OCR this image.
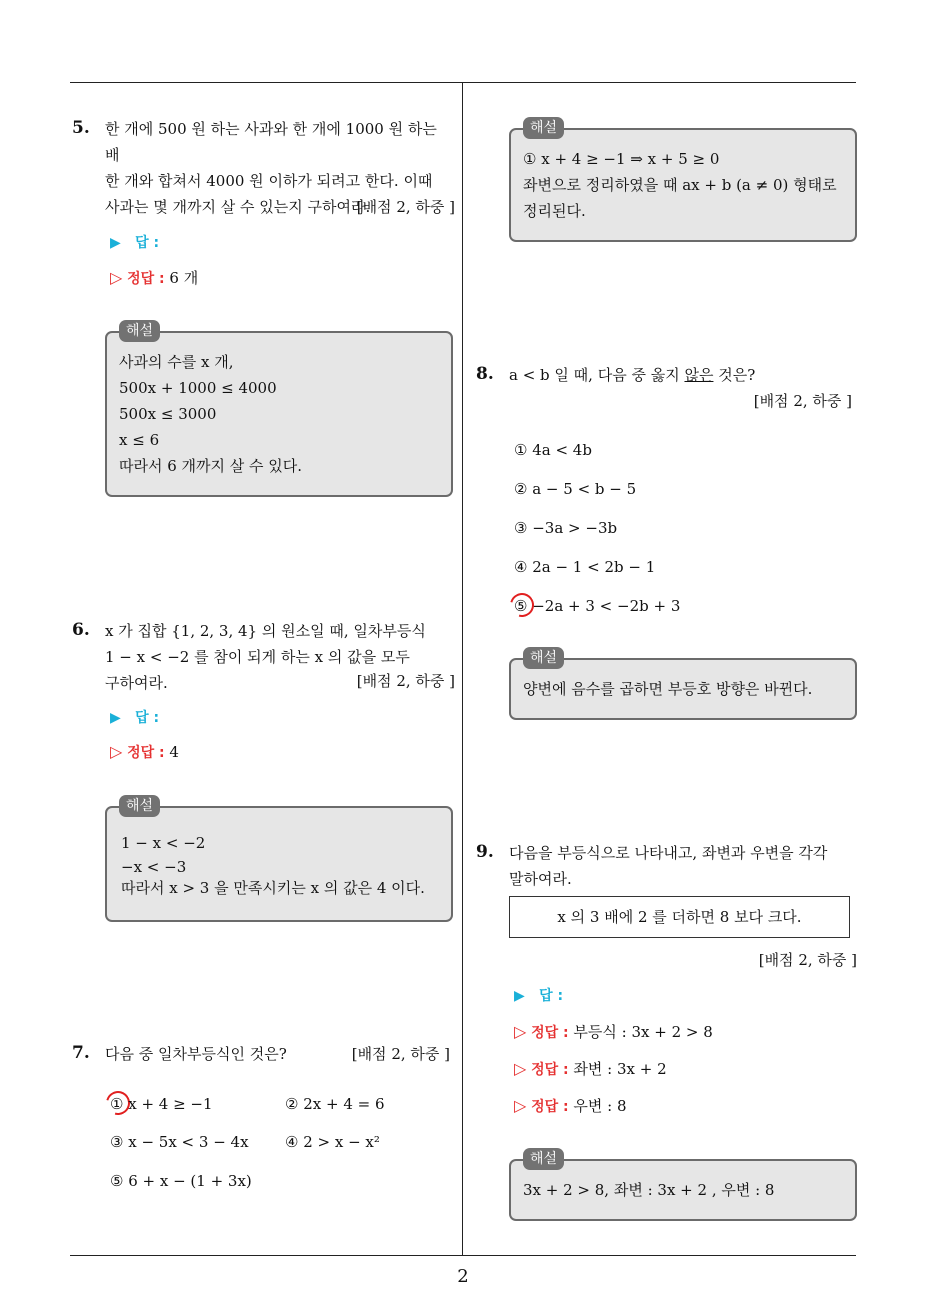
5. 한 개에 500 원 하는 사과와 한 개에 1000 원 하는 배
한 개와 합쳐서 4000 원 이하가 되려고 한다. 이때
사과는 몇 개까지 살 수 있는지 구하여라.
[배점 2, 하중 ]
▶ 답 :
▷ 정답 : 6 개
해설
사과의 수를 x 개,
500x + 1000 ≤ 4000
500x ≤ 3000
x ≤ 6
따라서 6 개까지 살 수 있다.
6. x 가 집합 {1, 2, 3, 4} 의 원소일 때, 일차부등식
1 − x < −2 를 참이 되게 하는 x 의 값을 모두
구하여라.	[배점 2, 하중 ]
▶ 답 :
▷ 정답 : 4
해설
1 − x < −2
−x < −3
따라서 x > 3 을 만족시키는 x 의 값은 4 이다.
7. 다음 중 일차부등식인 것은?	[배점 2, 하중 ]
① x + 4 ≥ −1	② 2x + 4 = 6
③ x − 5x < 3 − 4x ④ 2 > x − x²
⑤ 6 + x − (1 + 3x)
해설
① x + 4 ≥ −1 ⇒ x + 5 ≥ 0
좌변으로 정리하였을 때 ax + b (a ≠ 0) 형태로
정리된다.
8. a < b 일 때, 다음 중 옳지 않은 것은?
[배점 2, 하중 ]
① 4a < 4b
② a − 5 < b − 5
③ −3a > −3b
④ 2a − 1 < 2b − 1
⑤ −2a + 3 < −2b + 3
해설
양변에 음수를 곱하면 부등호 방향은 바뀐다.
9. 다음을 부등식으로 나타내고, 좌변과 우변을 각각
말하여라.
x 의 3 배에 2 를 더하면 8 보다 크다.
[배점 2, 하중 ]
▶ 답 :
▷ 정답 : 부등식 : 3x + 2 > 8
▷ 정답 : 좌변 : 3x + 2
▷ 정답 : 우변 : 8
해설
3x + 2 > 8, 좌변 : 3x + 2 , 우변 : 8
2
